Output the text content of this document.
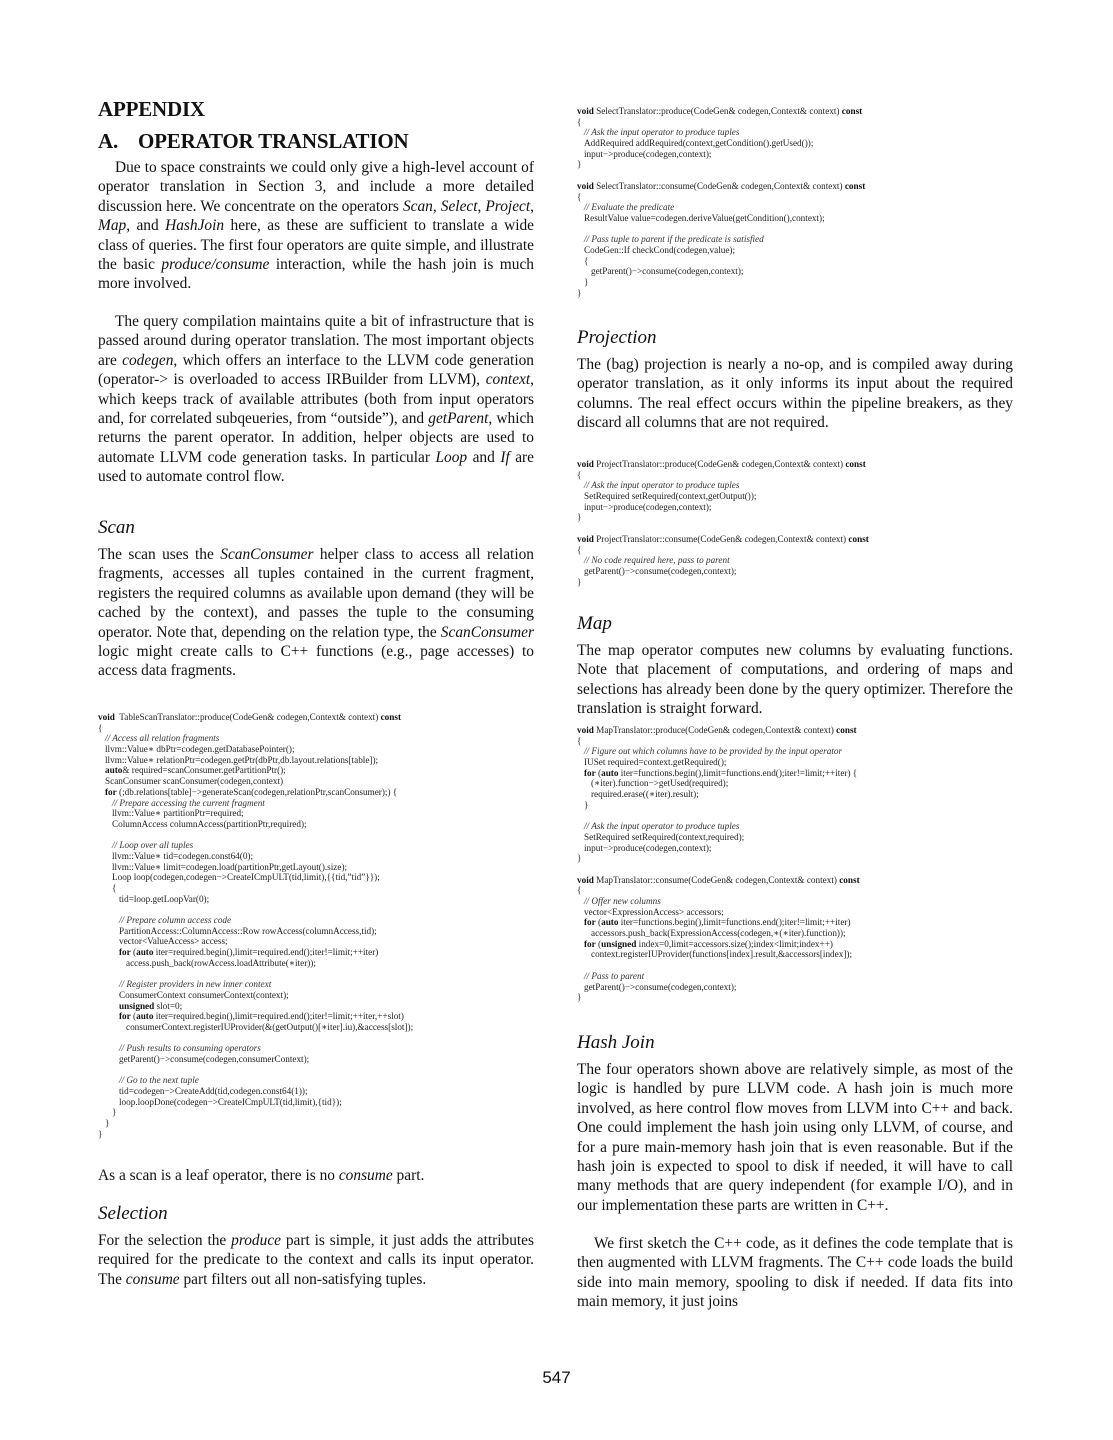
APPENDIX
A. OPERATOR TRANSLATION
Due to space constraints we could only give a high-level account of operator translation in Section 3, and include a more detailed discussion here. We concentrate on the operators Scan, Select, Project, Map, and HashJoin here, as these are sufficient to translate a wide class of queries. The first four operators are quite simple, and illustrate the basic produce/consume interaction, while the hash join is much more involved.
The query compilation maintains quite a bit of infrastructure that is passed around during operator translation. The most important objects are codegen, which offers an interface to the LLVM code generation (operator-> is overloaded to access IRBuilder from LLVM), context, which keeps track of available attributes (both from input operators and, for correlated subqeueries, from “outside”), and getParent, which returns the parent operator. In addition, helper objects are used to automate LLVM code generation tasks. In particular Loop and If are used to automate control flow.
Scan
The scan uses the ScanConsumer helper class to access all relation fragments, accesses all tuples contained in the current fragment, registers the required columns as available upon demand (they will be cached by the context), and passes the tuple to the consuming operator. Note that, depending on the relation type, the ScanConsumer logic might create calls to C++ functions (e.g., page accesses) to access data fragments.
void  TableScanTranslator::produce(CodeGen& codegen,Context& context) const
{
// Access all relation fragments
llvm::Value∗ dbPtr=codegen.getDatabasePointer();
llvm::Value∗ relationPtr=codegen.getPtr(dbPtr,db.layout.relations[table]);
auto& required=scanConsumer.getPartitionPtr();
ScanConsumer scanConsumer(codegen,context)
for (;db.relations[table]−>generateScan(codegen,relationPtr,scanConsumer);) {
// Prepare accessing the current fragment
llvm::Value∗ partitionPtr=required;
ColumnAccess columnAccess(partitionPtr,required);

// Loop over all tuples
llvm::Value∗ tid=codegen.const64(0);
llvm::Value∗ limit=codegen.load(partitionPtr,getLayout().size);
Loop loop(codegen,codegen−>CreateICmpULT(tid,limit),{{tid,”tid”}});
{
tid=loop.getLoopVar(0);

// Prepare column access code
PartitionAccess::ColumnAccess::Row rowAccess(columnAccess,tid);
vector<ValueAccess> access;
for (auto iter=required.begin(),limit=required.end();iter!=limit;++iter)
access.push_back(rowAccess.loadAttribute(∗iter));

// Register providers in new inner context
ConsumerContext consumerContext(context);
unsigned slot=0;
for (auto iter=required.begin(),limit=required.end();iter!=limit;++iter,++slot)
consumerContext.registerIUProvider(&(getOutput()[∗iter].iu),&access[slot]);

// Push results to consuming operators
getParent()−>consume(codegen,consumerContext);

// Go to the next tuple
tid=codegen−>CreateAdd(tid,codegen.const64(1));
loop.loopDone(codegen−>CreateICmpULT(tid,limit),{tid});
}
}
}
As a scan is a leaf operator, there is no consume part.
Selection
For the selection the produce part is simple, it just adds the attributes required for the predicate to the context and calls its input operator. The consume part filters out all non-satisfying tuples.
void SelectTranslator::produce(CodeGen& codegen,Context& context) const
{
// Ask the input operator to produce tuples
AddRequired addRequired(context,getCondition().getUsed());
input−>produce(codegen,context);
}

void SelectTranslator::consume(CodeGen& codegen,Context& context) const
{
// Evaluate the predicate
ResultValue value=codegen.deriveValue(getCondition(),context);

// Pass tuple to parent if the predicate is satisfied
CodeGen::If checkCond(codegen,value);
{
getParent()−>consume(codegen,context);
}
}
Projection
The (bag) projection is nearly a no-op, and is compiled away during operator translation, as it only informs its input about the required columns. The real effect occurs within the pipeline breakers, as they discard all columns that are not required.
void ProjectTranslator::produce(CodeGen& codegen,Context& context) const
{
// Ask the input operator to produce tuples
SetRequired setRequired(context,getOutput());
input−>produce(codegen,context);
}

void ProjectTranslator::consume(CodeGen& codegen,Context& context) const
{
// No code required here, pass to parent
getParent()−>consume(codegen,context);
}
Map
The map operator computes new columns by evaluating functions. Note that placement of computations, and ordering of maps and selections has already been done by the query optimizer. Therefore the translation is straight forward.
void MapTranslator::produce(CodeGen& codegen,Context& context) const
{
// Figure out which columns have to be provided by the input operator
IUSet required=context.getRequired();
for (auto iter=functions.begin(),limit=functions.end();iter!=limit;++iter) {
(∗iter).function−>getUsed(required);
required.erase((∗iter).result);
}

// Ask the input operator to produce tuples
SetRequired setRequired(context,required);
input−>produce(codegen,context);
}

void MapTranslator::consume(CodeGen& codegen,Context& context) const
{
// Offer new columns
vector<ExpressionAccess> accessors;
for (auto iter=functions.begin(),limit=functions.end();iter!=limit;++iter)
accessors.push_back(ExpressionAccess(codegen,∗(∗iter).function));
for (unsigned index=0,limit=accessors.size();index<limit;index++)
context.registerIUProvider(functions[index].result,&accessors[index]);

// Pass to parent
getParent()−>consume(codegen,context);
}
Hash Join
The four operators shown above are relatively simple, as most of the logic is handled by pure LLVM code. A hash join is much more involved, as here control flow moves from LLVM into C++ and back. One could implement the hash join using only LLVM, of course, and for a pure main-memory hash join that is even reasonable. But if the hash join is expected to spool to disk if needed, it will have to call many methods that are query independent (for example I/O), and in our implementation these parts are written in C++.
We first sketch the C++ code, as it defines the code template that is then augmented with LLVM fragments. The C++ code loads the build side into main memory, spooling to disk if needed. If data fits into main memory, it just joins
547
